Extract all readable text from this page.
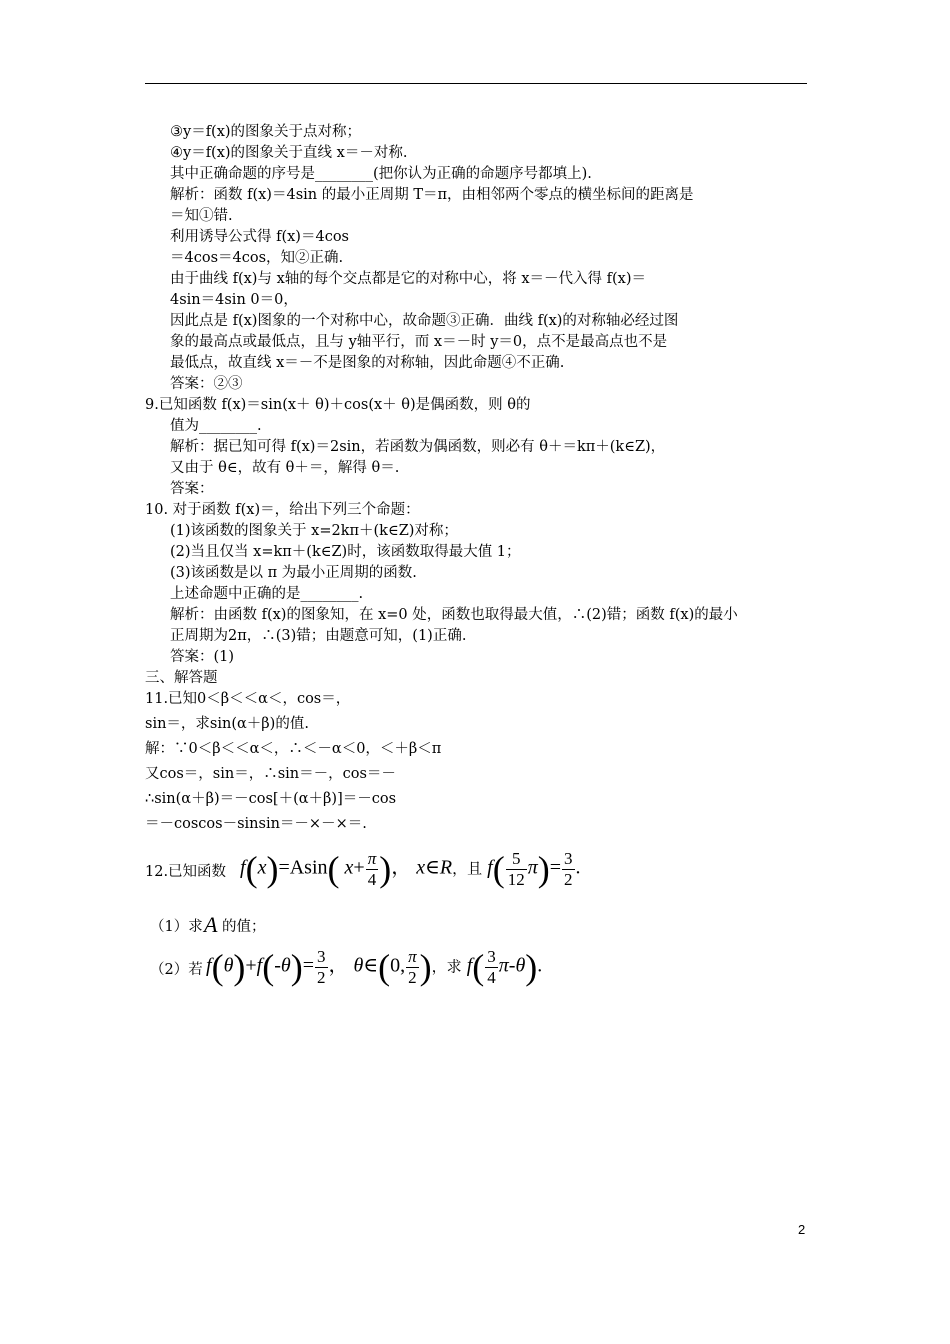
③y＝f(x)的图象关于点对称；
④y＝f(x)的图象关于直线 x＝－对称.
其中正确命题的序号是________(把你认为正确的命题序号都填上).
解析：函数 f(x)＝4sin 的最小正周期 T＝π，由相邻两个零点的横坐标间的距离是
＝知①错.
利用诱导公式得 f(x)＝4cos
＝4cos＝4cos，知②正确.
由于曲线 f(x)与 x轴的每个交点都是它的对称中心，将 x＝－代入得 f(x)＝
4sin＝4sin 0＝0，
因此点是 f(x)图象的一个对称中心，故命题③正确．曲线 f(x)的对称轴必经过图
象的最高点或最低点，且与 y轴平行，而 x＝－时 y＝0，点不是最高点也不是
最低点，故直线 x＝－不是图象的对称轴，因此命题④不正确.
答案：②③
9.已知函数 f(x)＝sin(x＋ θ)＋cos(x＋ θ)是偶函数，则 θ的
值为________.
解析：据已知可得 f(x)＝2sin，若函数为偶函数，则必有 θ＋＝kπ＋(k∈Z)，
又由于 θ∈，故有 θ＋＝，解得 θ＝.
答案：
10. 对于函数 f(x)＝，给出下列三个命题：
(1)该函数的图象关于 x=2kπ＋(k∈Z)对称；
(2)当且仅当 x=kπ＋(k∈Z)时，该函数取得最大值 1；
(3)该函数是以 π 为最小正周期的函数.
上述命题中正确的是________.
解析：由函数 f(x)的图象知，在 x=0 处，函数也取得最大值，∴(2)错；函数 f(x)的最小
正周期为2π，∴(3)错；由题意可知，(1)正确.
答案：(1)
三、解答题
11.已知0＜β＜＜α＜，cos＝，
sin＝，求sin(α＋β)的值.
解：∵0＜β＜＜α＜，∴＜－α＜0，＜＋β＜π
又cos＝，sin＝，∴sin＝－，cos＝－
∴sin(α＋β)＝－cos[＋(α＋β)]＝－cos
＝－coscos－sinsin＝－×－×＝.
12.已知函数 f(x)=Asin( $x+ \frac{\pi}{4}$ )， x∈R，且 $f( \frac{5}{12} \pi)= \frac{3}{2}$ .
（1）求 A 的值；
（2）若 $f(\theta)+f(-\theta)= \frac{3}{2}$ ， θ∈(0, $\frac{\pi}{2}$ )，求 $f( \frac{3}{4} \pi-\theta)$.
2
